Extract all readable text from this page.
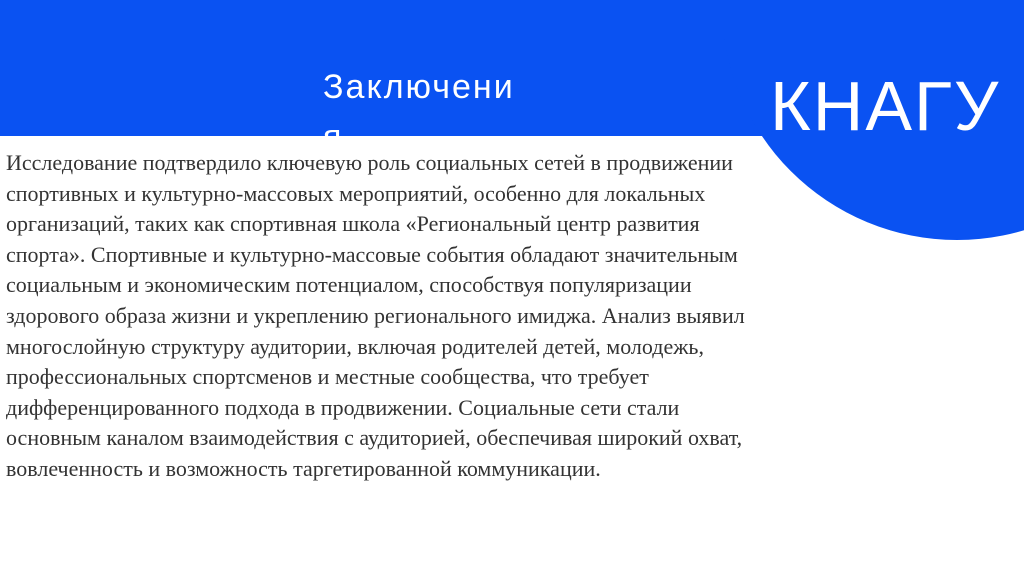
КНАГУ
Заключени я

Исследование подтвердило ключевую роль социальных сетей в продвижении спортивных и культурно-массовых мероприятий, особенно для локальных организаций, таких как спортивная школа «Региональный центр развития спорта». Спортивные и культурно-массовые события обладают значительным социальным и экономическим потенциалом, способствуя популяризации здорового образа жизни и укреплению регионального имиджа. Анализ выявил многослойную структуру аудитории, включая родителей детей, молодежь, профессиональных спортсменов и местные сообщества, что требует дифференцированного подхода в продвижении. Социальные сети стали основным каналом взаимодействия с аудиторией, обеспечивая широкий охват, вовлеченность и возможность таргетированной коммуникации.
